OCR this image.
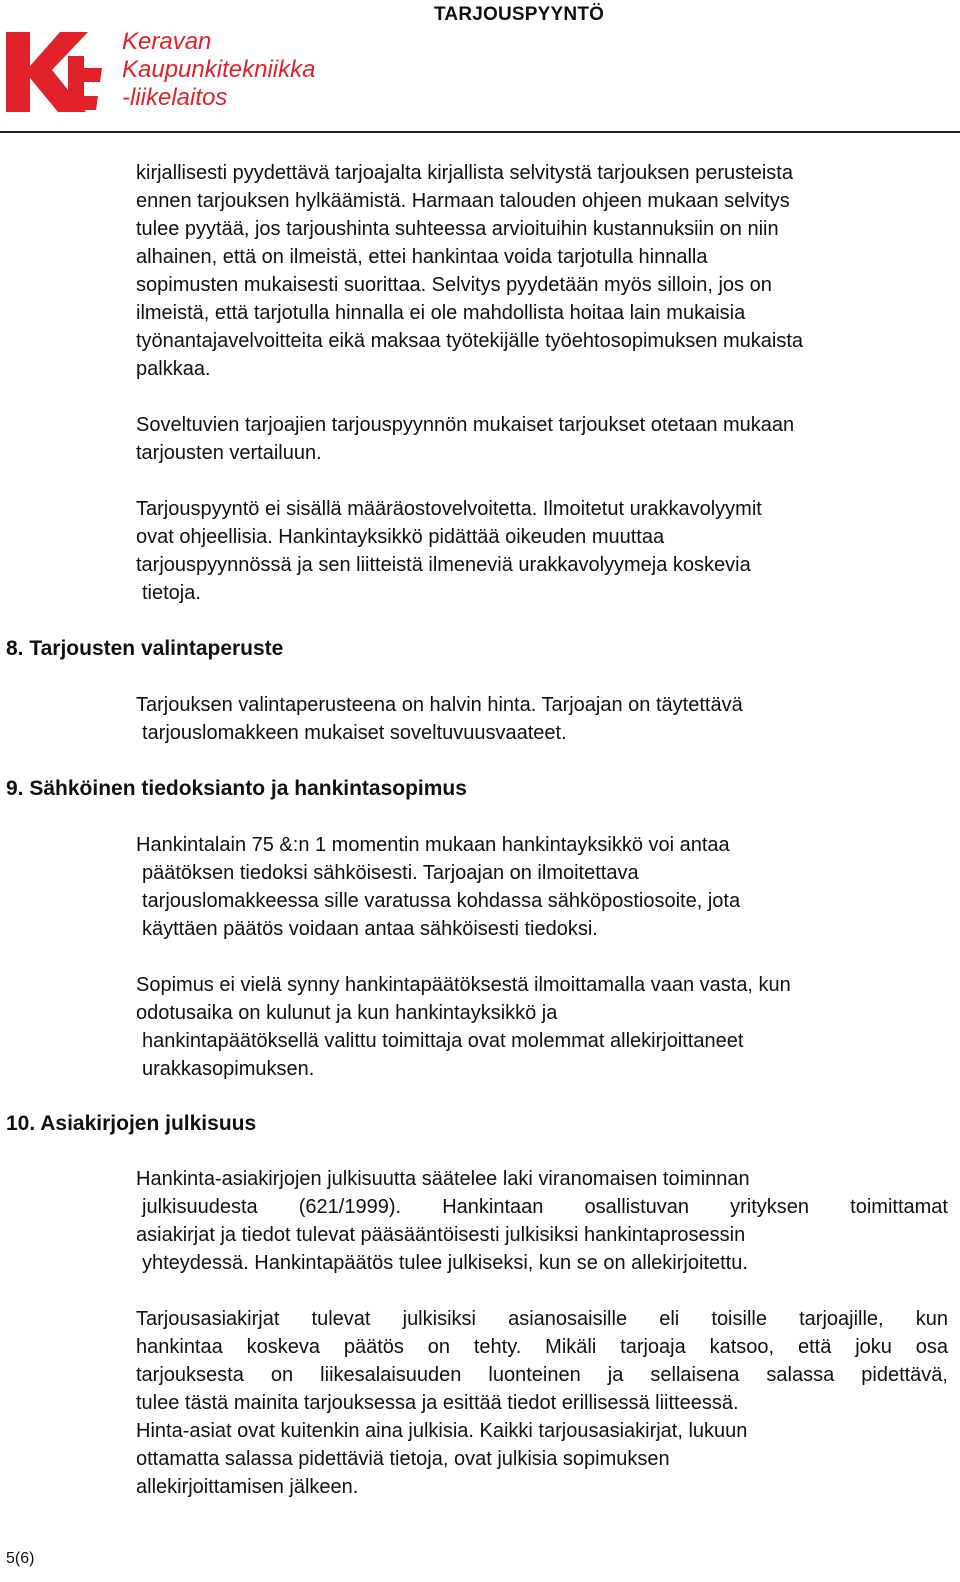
Keravan
Kaupunkitekniikka
-liikelaitos
TARJOUSPYYNTÖ
kirjallisesti pyydettävä tarjoajalta kirjallista selvitystä tarjouksen perusteista
ennen tarjouksen hylkäämistä. Harmaan talouden ohjeen mukaan selvitys
tulee pyytää, jos tarjoushinta suhteessa arvioituihin kustannuksiin on niin
alhainen, että on ilmeistä, ettei hankintaa voida tarjotulla hinnalla
sopimusten mukaisesti suorittaa. Selvitys pyydetään myös silloin, jos on
ilmeistä, että tarjotulla hinnalla ei ole mahdollista hoitaa lain mukaisia
työnantajavelvoitteita eikä maksaa työtekijälle työehtosopimuksen mukaista
palkkaa.
Soveltuvien tarjoajien tarjouspyynnön mukaiset tarjoukset otetaan mukaan
tarjousten vertailuun.
Tarjouspyyntö ei sisällä määräostovelvoitetta. Ilmoitetut urakkavolyymit
ovat ohjeellisia. Hankintayksikkö pidättää oikeuden muuttaa
tarjouspyynnössä ja sen liitteistä ilmeneviä urakkavolyymeja koskevia
tietoja.
8. Tarjousten valintaperuste
Tarjouksen valintaperusteena on halvin hinta. Tarjoajan on täytettävä
tarjouslomakkeen mukaiset soveltuvuusvaateet.
9. Sähköinen tiedoksianto ja hankintasopimus
Hankintalain 75 &:n 1 momentin mukaan hankintayksikkö voi antaa
päätöksen tiedoksi sähköisesti. Tarjoajan on ilmoitettava
tarjouslomakkeessa sille varatussa kohdassa sähköpostiosoite, jota
käyttäen päätös voidaan antaa sähköisesti tiedoksi.
Sopimus ei vielä synny hankintapäätöksestä ilmoittamalla vaan vasta, kun
odotusaika on kulunut ja kun hankintayksikkö ja
hankintapäätöksellä valittu toimittaja ovat molemmat allekirjoittaneet
urakkasopimuksen.
10. Asiakirjojen julkisuus
Hankinta-asiakirjojen julkisuutta säätelee laki viranomaisen toiminnan
julkisuudesta (621/1999). Hankintaan osallistuvan yrityksen toimittamat
asiakirjat ja tiedot tulevat pääsääntöisesti julkisiksi hankintaprosessin
yhteydessä. Hankintapäätös tulee julkiseksi, kun se on allekirjoitettu.
Tarjousasiakirjat tulevat julkisiksi asianosaisille eli toisille tarjoajille, kun
hankintaa koskeva päätös on tehty. Mikäli tarjoaja katsoo, että joku osa
tarjouksesta on liikesalaisuuden luonteinen ja sellaisena salassa pidettävä,
tulee tästä mainita tarjouksessa ja esittää tiedot erillisessä liitteessä.
Hinta-asiat ovat kuitenkin aina julkisia. Kaikki tarjousasiakirjat, lukuun
ottamatta salassa pidettäviä tietoja, ovat julkisia sopimuksen
allekirjoittamisen jälkeen.
5(6)
